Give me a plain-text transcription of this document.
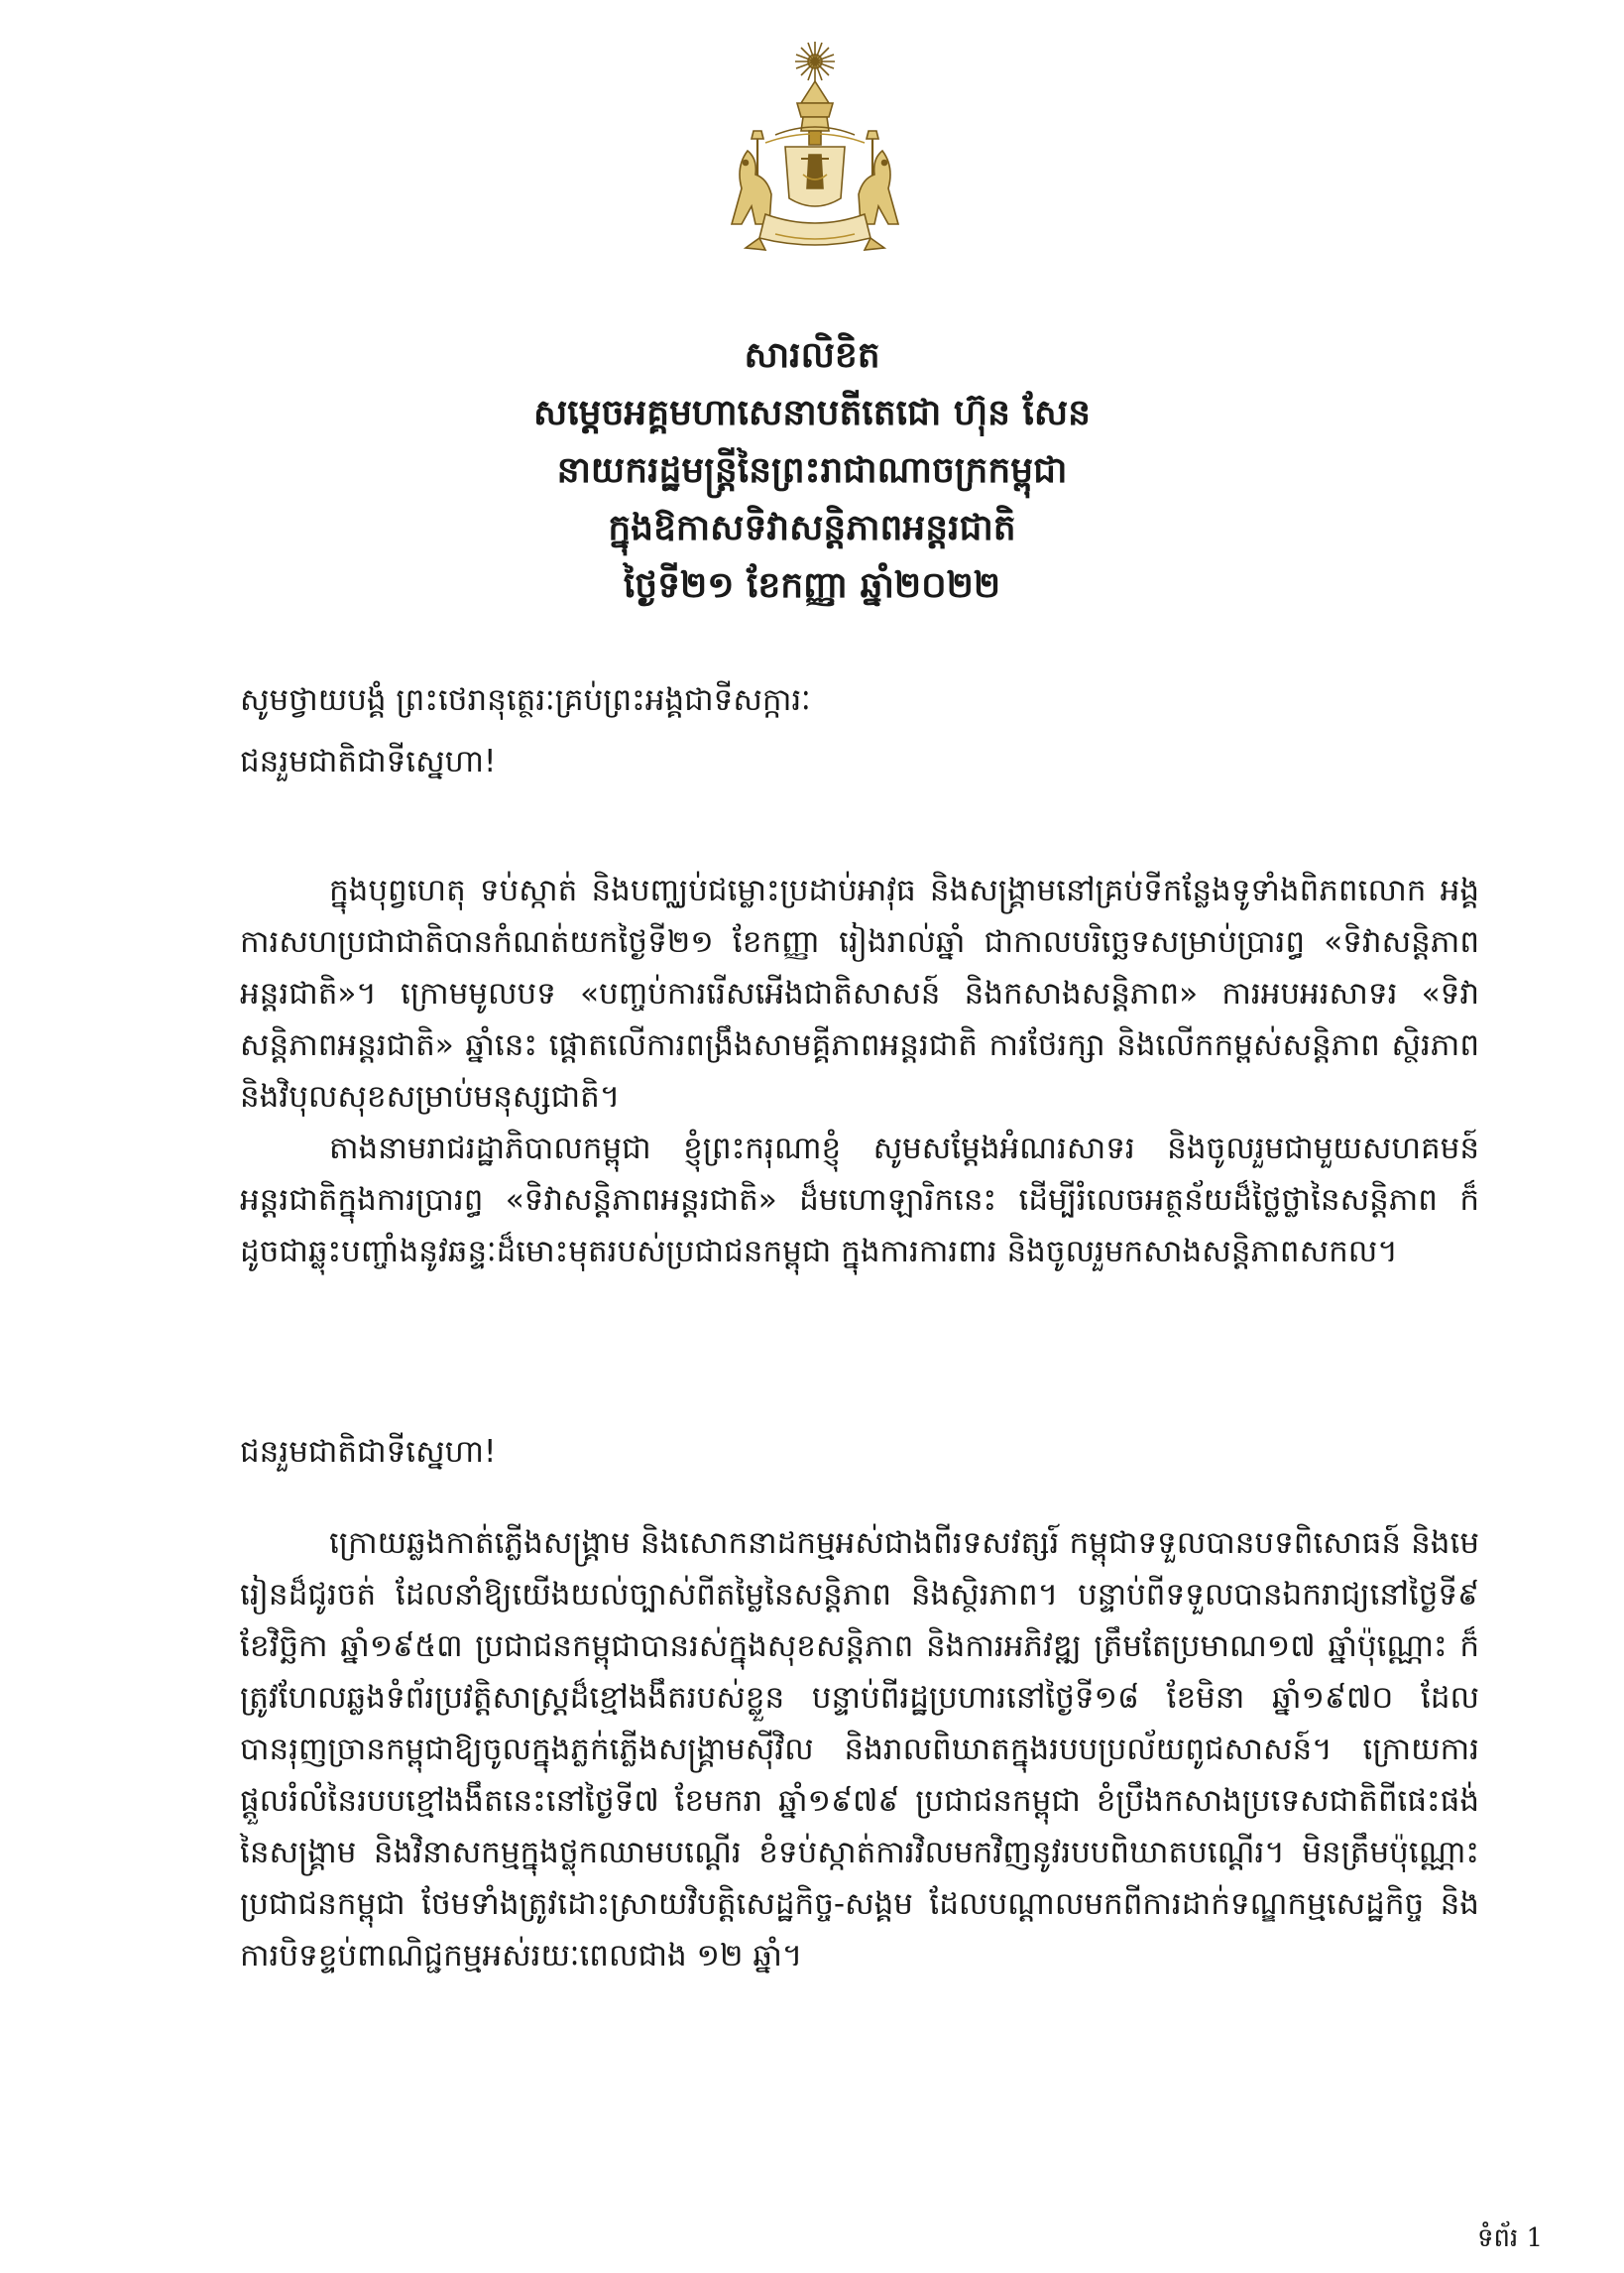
សារលិខិត

សម្តេចអគ្គមហាសេនាបតីតេជោ ហ៊ុន សែន

នាយករដ្ឋមន្ត្រីនៃព្រះរាជាណាចក្រកម្ពុជា

ក្នុងឱកាសទិវាសន្តិភាពអន្តរជាតិ

ថ្ងៃទី២១ ខែកញ្ញា ឆ្នាំ២០២២

សូមថ្វាយបង្គំ ព្រះថេរានុត្ថេរៈគ្រប់ព្រះអង្គជាទីសក្ការៈ

ជនរួមជាតិជាទីស្នេហា!

ក្នុងបុព្វហេតុ ទប់ស្កាត់ និងបញ្ឈប់ជម្លោះប្រដាប់អាវុធ និងសង្គ្រាមនៅគ្រប់ទីកន្លែងទូទាំងពិភពលោក អង្គការសហប្រជាជាតិបានកំណត់យកថ្ងៃទី២១ ខែកញ្ញា រៀងរាល់ឆ្នាំ ជាកាលបរិច្ឆេទសម្រាប់ប្រារព្ធ «ទិវាសន្តិភាពអន្តរជាតិ»។ ក្រោមមូលបទ «បញ្ចប់ការរើសអើងជាតិសាសន៍ និងកសាងសន្តិភាព» ការអបអរសាទរ «ទិវាសន្តិភាពអន្តរជាតិ» ឆ្នាំនេះ ផ្តោតលើការពង្រឹងសាមគ្គីភាពអន្តរជាតិ ការថែរក្សា និងលើកកម្ពស់សន្តិភាព ស្ថិរភាព និងវិបុលសុខសម្រាប់មនុស្សជាតិ។

តាងនាមរាជរដ្ឋាភិបាលកម្ពុជា ខ្ញុំព្រះករុណាខ្ញុំ សូមសម្តែងអំណរសាទរ និងចូលរួមជាមួយសហគមន៍អន្តរជាតិក្នុងការប្រារព្ធ «ទិវាសន្តិភាពអន្តរជាតិ» ដ៏មហោឡារិកនេះ ដើម្បីរំលេចអត្ថន័យដ៏ថ្លៃថ្លានៃសន្តិភាព ក៏ដូចជាឆ្លុះបញ្ចាំងនូវឆន្ទៈដ៏មោះមុតរបស់ប្រជាជនកម្ពុជា ក្នុងការការពារ និងចូលរួមកសាងសន្តិភាពសកល។

ជនរួមជាតិជាទីស្នេហា!

ក្រោយឆ្លងកាត់ភ្លើងសង្គ្រាម និងសោកនាដកម្មអស់ជាងពីរទសវត្សរ៍ កម្ពុជាទទួលបានបទពិសោធន៍ និងមេរៀនដ៏ជូរចត់ ដែលនាំឱ្យយើងយល់ច្បាស់ពីតម្លៃនៃសន្តិភាព និងស្ថិរភាព។ បន្ទាប់ពីទទួលបានឯករាជ្យនៅថ្ងៃទី៩ ខែវិច្ឆិកា ឆ្នាំ១៩៥៣ ប្រជាជនកម្ពុជាបានរស់ក្នុងសុខសន្តិភាព និងការអភិវឌ្ឍ ត្រឹមតែប្រមាណ១៧ ឆ្នាំប៉ុណ្ណោះ ក៏ត្រូវហែលឆ្លងទំព័រប្រវត្តិសាស្ត្រដ៏ខ្មៅងងឹតរបស់ខ្លួន បន្ទាប់ពីរដ្ឋប្រហារនៅថ្ងៃទី១៨ ខែមិនា ឆ្នាំ១៩៧០ ដែលបានរុញច្រានកម្ពុជាឱ្យចូលក្នុងភ្លក់ភ្លើងសង្គ្រាមស៊ីវិល និងរាលពិឃាតក្នុងរបបប្រល័យពូជសាសន៍។ ក្រោយការផ្តួលរំលំនៃរបបខ្មៅងងឹតនេះនៅថ្ងៃទី៧ ខែមករា ឆ្នាំ១៩៧៩ ប្រជាជនកម្ពុជា ខំប្រឹងកសាងប្រទេសជាតិពីផេះផង់នៃសង្គ្រាម និងវិនាសកម្មក្នុងថ្លុកឈាមបណ្តើរ ខំទប់ស្កាត់ការវិលមកវិញនូវរបបពិឃាតបណ្តើរ។ មិនត្រឹមប៉ុណ្ណោះ ប្រជាជនកម្ពុជា ថែមទាំងត្រូវដោះស្រាយវិបត្តិសេដ្ឋកិច្ច-សង្គម ដែលបណ្តាលមកពីការដាក់ទណ្ឌកម្មសេដ្ឋកិច្ច និងការបិទខ្ទប់ពាណិជ្ជកម្មអស់រយៈពេលជាង ១២ ឆ្នាំ។

ទំព័រ 1
